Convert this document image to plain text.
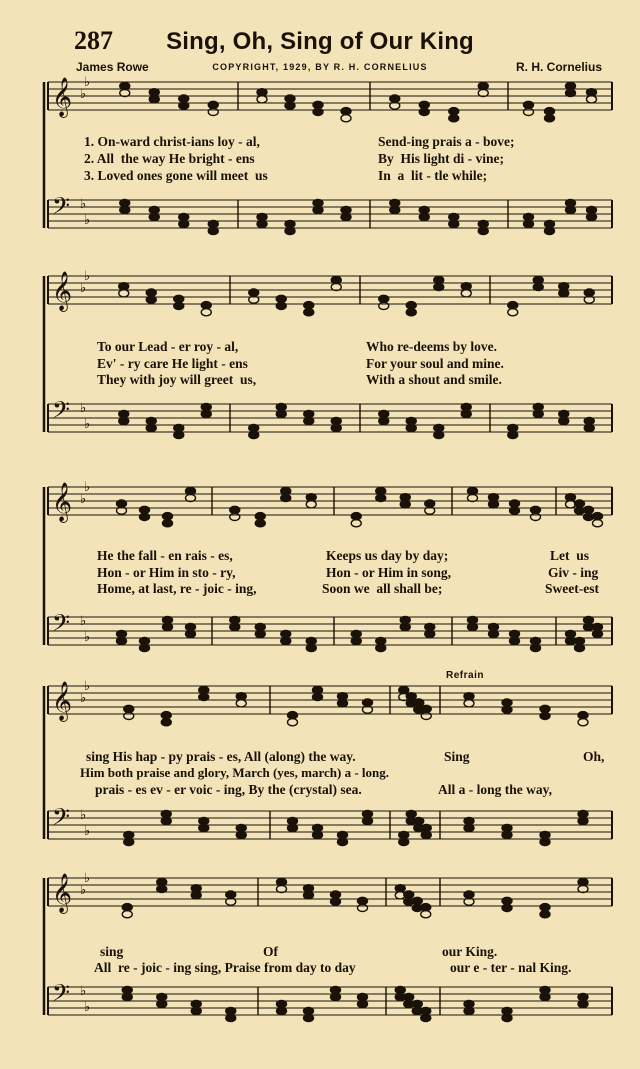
287	Sing, Oh, Sing of Our King
James Rowe	COPYRIGHT, 1929, BY R. H. CORNELIUS	R. H. Cornelius
𝄞 ♭
♭
𝄢 ♭
♭
𝄞 ♭
♭
𝄢 ♭
♭
𝄞 ♭
♭
𝄢 ♭
♭
𝄞 ♭
♭
𝄢 ♭
♭
𝄞 ♭
♭
𝄢 ♭
♭
1. On-ward christ-ians loy - al,	Send-ing prais a - bove;
2. All  the way He bright - ens	By  His light di - vine;
3. Loved ones gone will meet  us	In  a  lit - tle while;
To our Lead - er roy - al,	Who re-deems by love.
Ev' - ry care He light - ens	For your soul and mine.
They with joy will greet  us,	With a shout and smile.
He the fall - en rais - es,	Keeps us day by day;	Let  us
Hon - or Him in sto - ry,	Hon - or Him in song,	Giv - ing
Home, at last, re - joic - ing,	Soon we  all shall be;	Sweet-est
Refrain
sing His hap - py prais - es, All (along) the way.	Sing	Oh,
Him both praise and glory, March (yes, march) a - long.
prais - es ev - er voic - ing, By the (crystal) sea.	All a - long the way,
sing	Of	our King.
All  re - joic - ing sing, Praise from day to day	our e - ter - nal King.
